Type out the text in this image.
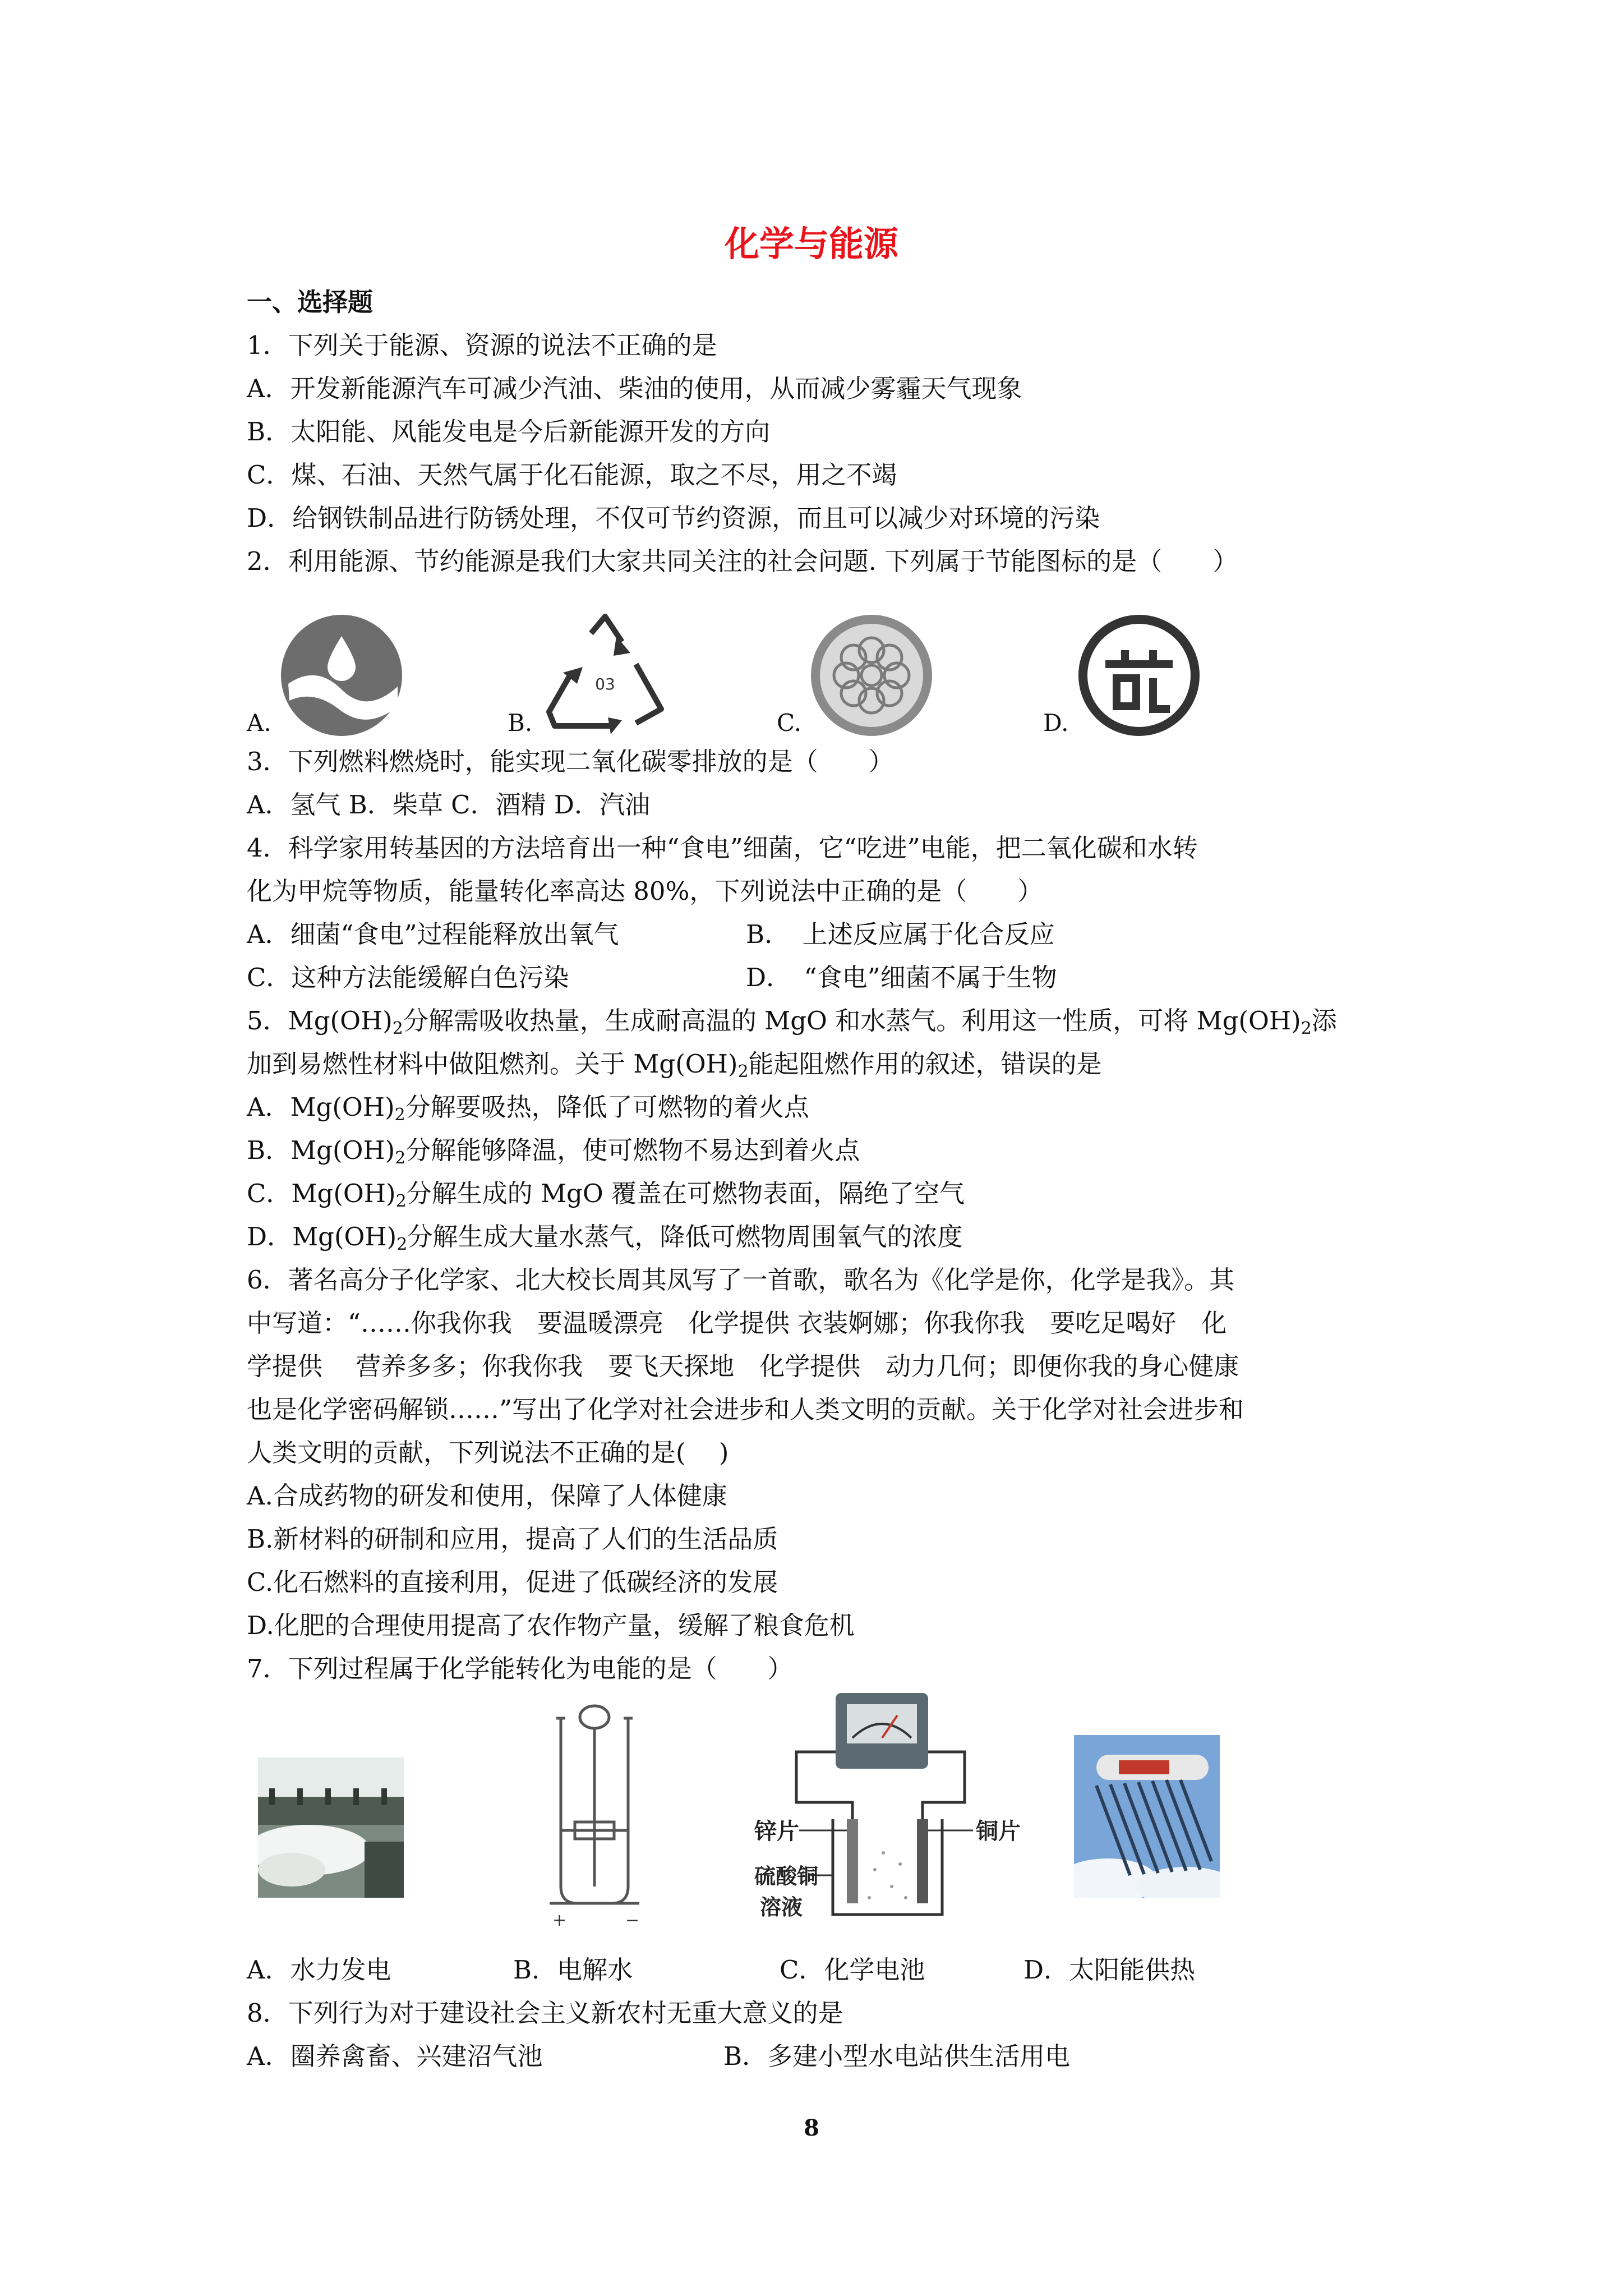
化学与能源
一、选择题
1．下列关于能源、资源的说法不正确的是
A．开发新能源汽车可减少汽油、柴油的使用，从而减少雾霾天气现象
B．太阳能、风能发电是今后新能源开发的方向
C．煤、石油、天然气属于化石能源，取之不尽，用之不竭
D．给钢铁制品进行防锈处理，不仅可节约资源，而且可以减少对环境的污染
2．利用能源、节约能源是我们大家共同关注的社会问题. 下列属于节能图标的是（　　）
A.	B.
03
C.	D.
3．下列燃料燃烧时，能实现二氧化碳零排放的是（　　）
A．氢气 B．柴草 C．酒精 D．汽油
4．科学家用转基因的方法培育出一种“食电”细菌，它“吃进”电能，把二氧化碳和水转
化为甲烷等物质，能量转化率高达 80%，下列说法中正确的是（　　）
A．细菌“食电”过程能释放出氧气	B．　上述反应属于化合反应
C．这种方法能缓解白色污染	D．　“食电”细菌不属于生物
5．$Mg(OH)_2$分解需吸收热量，生成耐高温的 MgO 和水蒸气。利用这一性质，可将 $Mg(OH)_2$添
加到易燃性材料中做阻燃剂。关于 $Mg(OH)_2$能起阻燃作用的叙述，错误的是
A．$Mg(OH)_2$分解要吸热，降低了可燃物的着火点
B．$Mg(OH)_2$分解能够降温，使可燃物不易达到着火点
C．$Mg(OH)_2$分解生成的 MgO 覆盖在可燃物表面，隔绝了空气
D．$Mg(OH)_2$分解生成大量水蒸气，降低可燃物周围氧气的浓度
6．著名高分子化学家、北大校长周其凤写了一首歌，歌名为《化学是你，化学是我》。其
中写道：“……你我你我　要温暖漂亮　化学提供 衣装婀娜；你我你我　要吃足喝好　化
学提供　 营养多多；你我你我　要飞天探地　化学提供　动力几何；即便你我的身心健康
也是化学密码解锁……”写出了化学对社会进步和人类文明的贡献。关于化学对社会进步和
人类文明的贡献，下列说法不正确的是(　 )
A.合成药物的研发和使用，保障了人体健康
B.新材料的研制和应用，提高了人们的生活品质
C.化石燃料的直接利用，促进了低碳经济的发展
D.化肥的合理使用提高了农作物产量，缓解了粮食危机
7．下列过程属于化学能转化为电能的是（　　）
+	−
锌片	铜片
硫酸铜
溶液
A．水力发电	B．电解水	C．化学电池	D．太阳能供热
8．下列行为对于建设社会主义新农村无重大意义的是
A．圈养禽畜、兴建沼气池	B．多建小型水电站供生活用电
8
